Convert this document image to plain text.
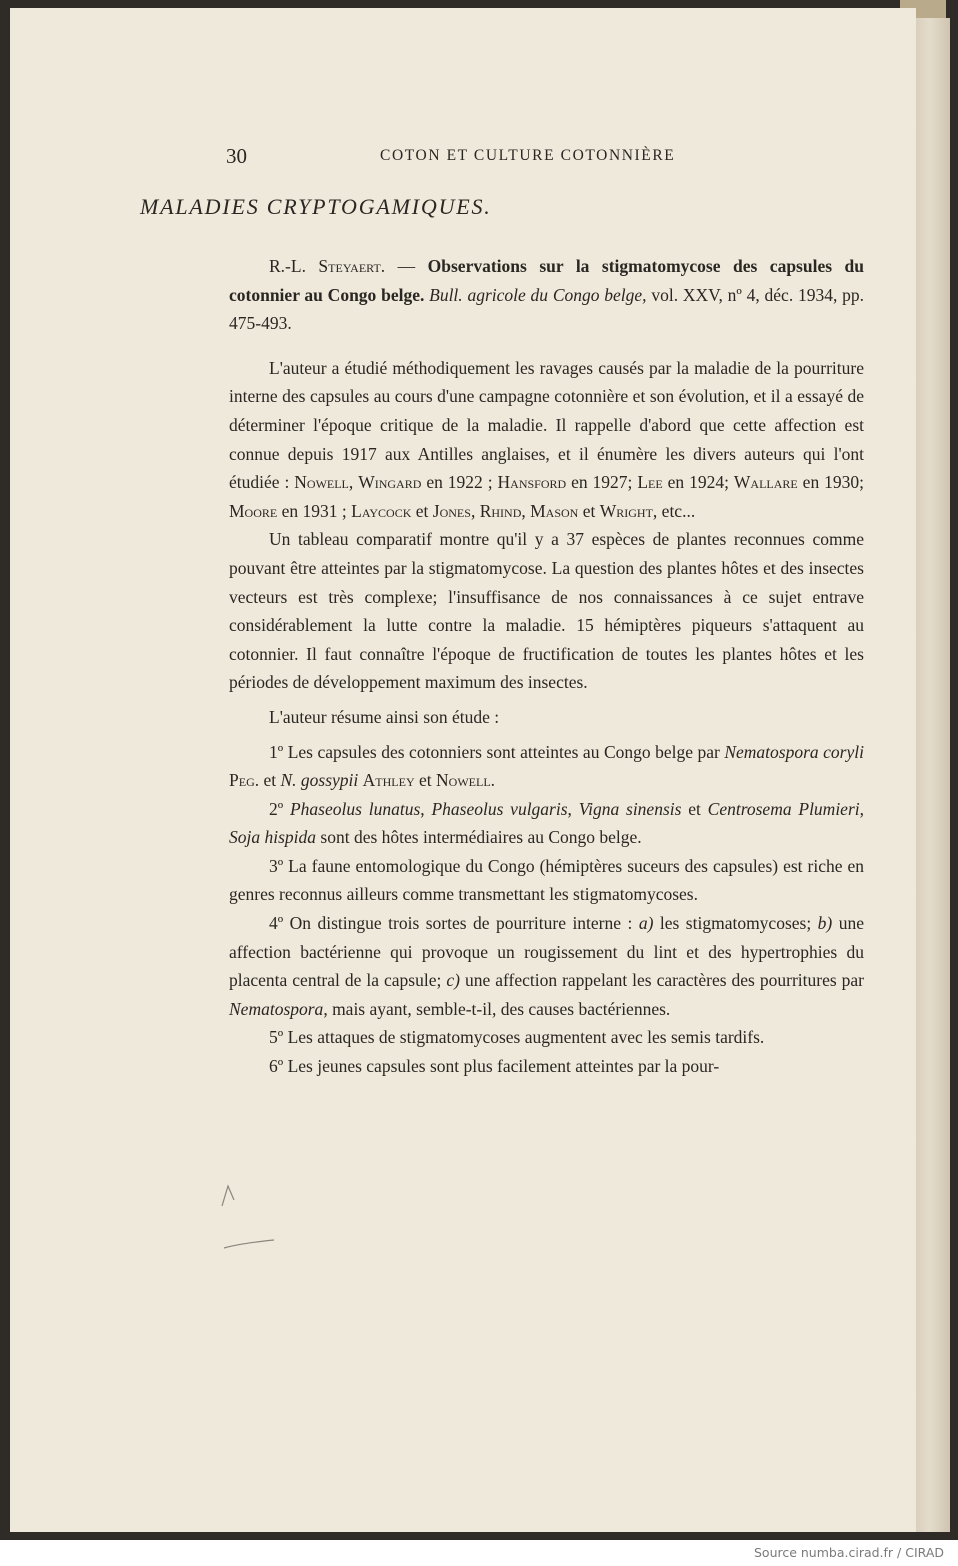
30	COTON ET CULTURE COTONNIÈRE
MALADIES CRYPTOGAMIQUES.

R.-L. Steyaert. — Observations sur la stigmatomycose des capsules du cotonnier au Congo belge. Bull. agricole du Congo belge, vol. XXV, nº 4, déc. 1934, pp. 475-493.

L'auteur a étudié méthodiquement les ravages causés par la maladie de la pourriture interne des capsules au cours d'une campagne cotonnière et son évolution, et il a essayé de déterminer l'époque critique de la maladie. Il rappelle d'abord que cette affection est connue depuis 1917 aux Antilles anglaises, et il énumère les divers auteurs qui l'ont étudiée : Nowell, Wingard en 1922 ; Hansford en 1927; Lee en 1924; Wallare en 1930; Moore en 1931 ; Laycock et Jones, Rhind, Mason et Wright, etc...

Un tableau comparatif montre qu'il y a 37 espèces de plantes reconnues comme pouvant être atteintes par la stigmatomycose. La question des plantes hôtes et des insectes vecteurs est très complexe; l'insuffisance de nos connaissances à ce sujet entrave considérablement la lutte contre la maladie. 15 hémiptères piqueurs s'attaquent au cotonnier. Il faut connaître l'époque de fructification de toutes les plantes hôtes et les périodes de développement maximum des insectes.

L'auteur résume ainsi son étude :

1º Les capsules des cotonniers sont atteintes au Congo belge par Nematospora coryli Peg. et N. gossypii Athley et Nowell.

2º Phaseolus lunatus, Phaseolus vulgaris, Vigna sinensis et Centrosema Plumieri, Soja hispida sont des hôtes intermédiaires au Congo belge.

3º La faune entomologique du Congo (hémiptères suceurs des capsules) est riche en genres reconnus ailleurs comme transmettant les stigmatomycoses.

4º On distingue trois sortes de pourriture interne : a) les stigmatomycoses; b) une affection bactérienne qui provoque un rougissement du lint et des hypertrophies du placenta central de la capsule; c) une affection rappelant les caractères des pourritures par Nematospora, mais ayant, semble-t-il, des causes bactériennes.

5º Les attaques de stigmatomycoses augmentent avec les semis tardifs.

6º Les jeunes capsules sont plus facilement atteintes par la pour-

Source numba.cirad.fr / CIRAD
